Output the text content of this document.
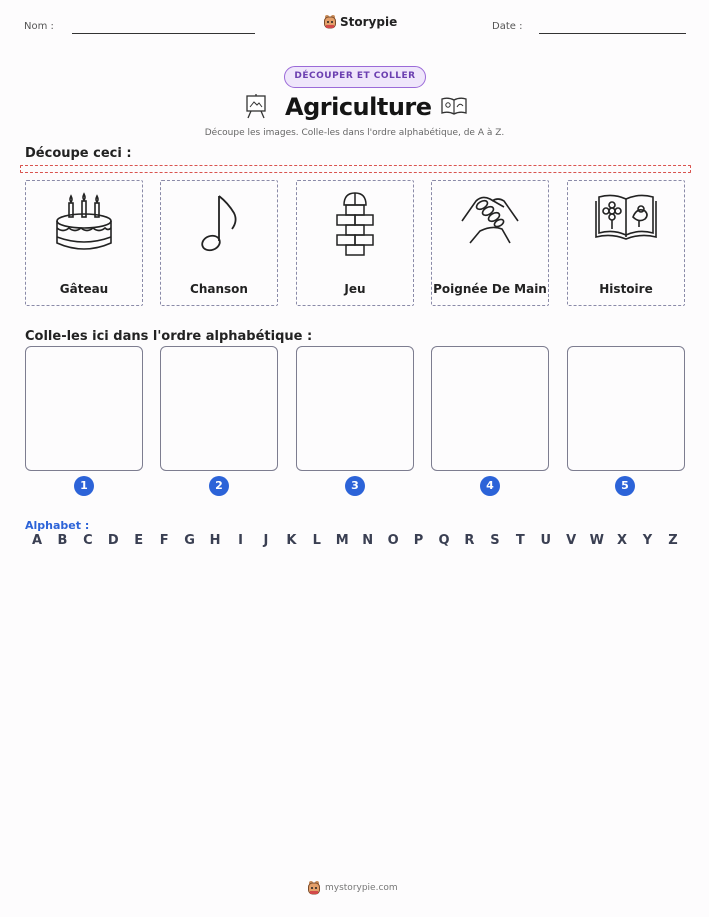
Nom :	Storypie	Date :
DÉCOUPER ET COLLER
Agriculture
Découpe les images. Colle-les dans l'ordre alphabétique, de A à Z.
Découpe ceci :
Gâteau	Chanson	Jeu	Poignée De Main	Histoire
Colle-les ici dans l'ordre alphabétique :
1	2	3	4	5
Alphabet :
A B C D E F G H	I	J	K L M N O P Q R S T U V W X Y Z
mystorypie.com
